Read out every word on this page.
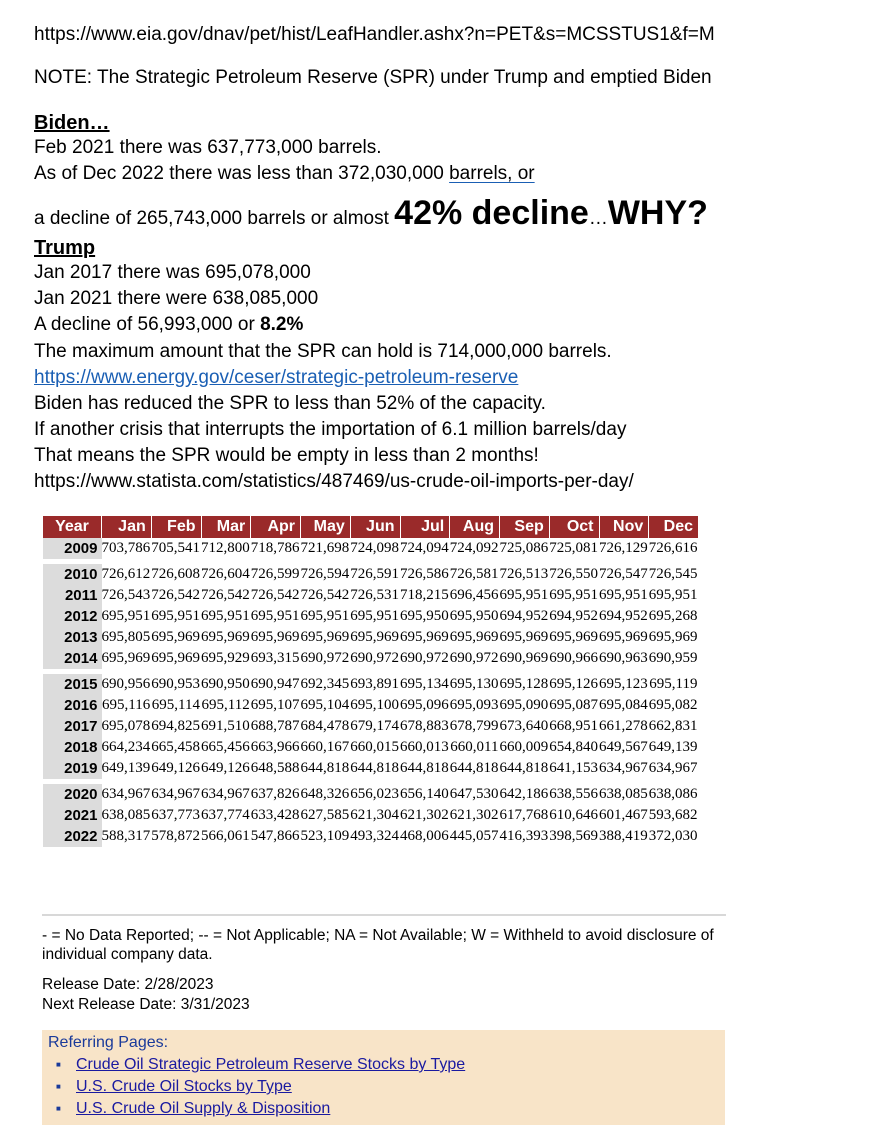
https://www.eia.gov/dnav/pet/hist/LeafHandler.ashx?n=PET&s=MCSSTUS1&f=M
NOTE: The Strategic Petroleum Reserve (SPR) under Trump and emptied Biden
Biden…
Feb 2021 there was 637,773,000 barrels.
As of Dec 2022 there was less than 372,030,000 barrels, or
a decline of 265,743,000 barrels or almost 42% decline…WHY?
Trump
Jan 2017 there was 695,078,000
Jan 2021 there were 638,085,000
A decline of 56,993,000 or 8.2%
The maximum amount that the SPR can hold is 714,000,000 barrels.
https://www.energy.gov/ceser/strategic-petroleum-reserve
Biden has reduced the SPR to less than 52% of the capacity.
If another crisis that interrupts the importation of 6.1 million barrels/day
That means the SPR would be empty in less than 2 months!
https://www.statista.com/statistics/487469/us-crude-oil-imports-per-day/
Year	Jan	Feb	Mar	Apr	May	Jun	Jul	Aug	Sep	Oct	Nov	Dec
2009	703,786	705,541	712,800	718,786	721,698	724,098	724,094	724,092	725,086	725,081	726,129	726,616
2010	726,612	726,608	726,604	726,599	726,594	726,591	726,586	726,581	726,513	726,550	726,547	726,545
2011	726,543	726,542	726,542	726,542	726,542	726,531	718,215	696,456	695,951	695,951	695,951	695,951
2012	695,951	695,951	695,951	695,951	695,951	695,951	695,950	695,950	694,952	694,952	694,952	695,268
2013	695,805	695,969	695,969	695,969	695,969	695,969	695,969	695,969	695,969	695,969	695,969	695,969
2014	695,969	695,969	695,929	693,315	690,972	690,972	690,972	690,972	690,969	690,966	690,963	690,959
2015	690,956	690,953	690,950	690,947	692,345	693,891	695,134	695,130	695,128	695,126	695,123	695,119
2016	695,116	695,114	695,112	695,107	695,104	695,100	695,096	695,093	695,090	695,087	695,084	695,082
2017	695,078	694,825	691,510	688,787	684,478	679,174	678,883	678,799	673,640	668,951	661,278	662,831
2018	664,234	665,458	665,456	663,966	660,167	660,015	660,013	660,011	660,009	654,840	649,567	649,139
2019	649,139	649,126	649,126	648,588	644,818	644,818	644,818	644,818	644,818	641,153	634,967	634,967
2020	634,967	634,967	634,967	637,826	648,326	656,023	656,140	647,530	642,186	638,556	638,085	638,086
2021	638,085	637,773	637,774	633,428	627,585	621,304	621,302	621,302	617,768	610,646	601,467	593,682
2022	588,317	578,872	566,061	547,866	523,109	493,324	468,006	445,057	416,393	398,569	388,419	372,030
- = No Data Reported; -- = Not Applicable; NA = Not Available; W = Withheld to avoid disclosure of individual company data.
Release Date: 2/28/2023
Next Release Date: 3/31/2023
Referring Pages:
■ Crude Oil Strategic Petroleum Reserve Stocks by Type
■ U.S. Crude Oil Stocks by Type
■ U.S. Crude Oil Supply & Disposition
